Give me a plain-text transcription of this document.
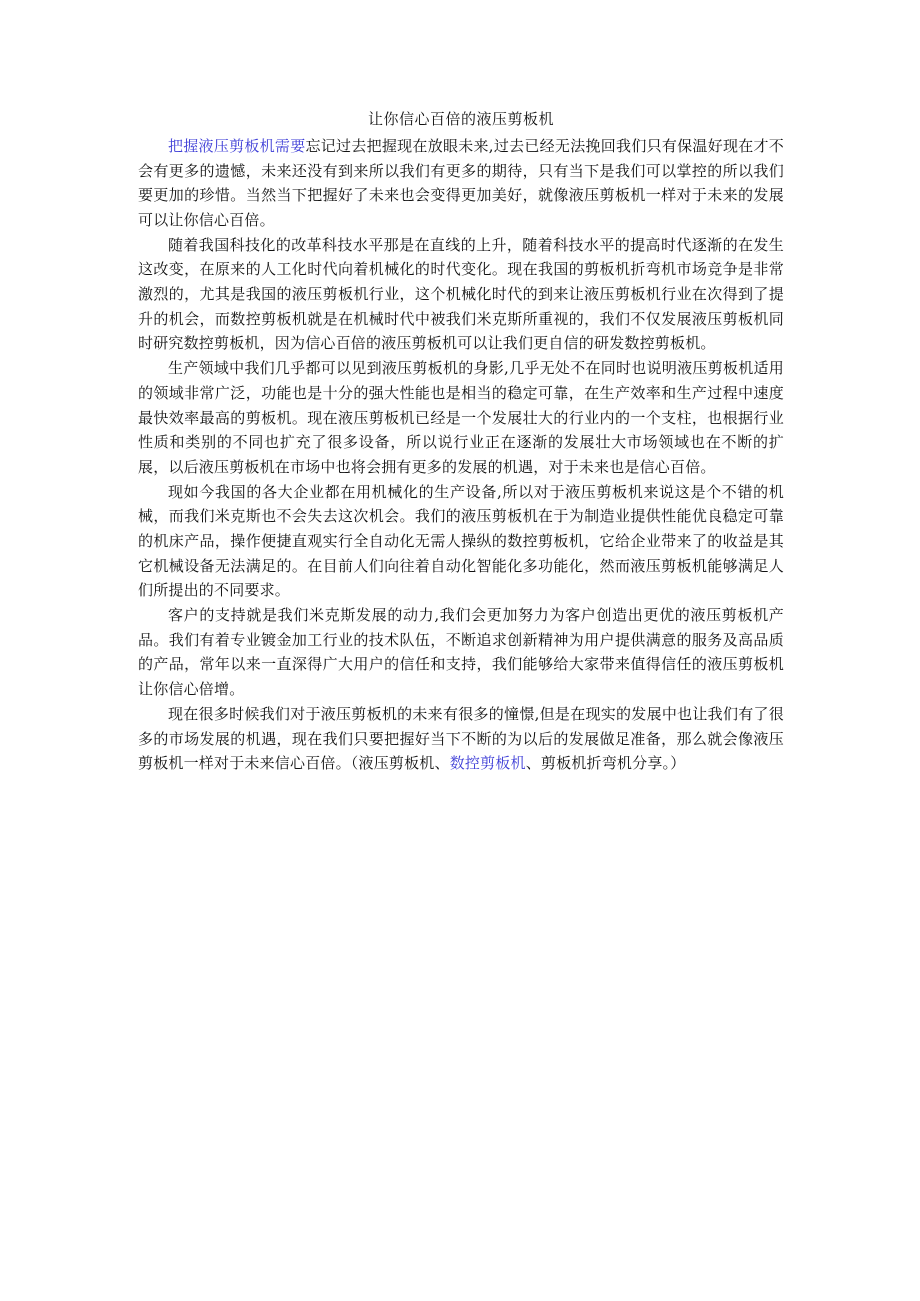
让你信心百倍的液压剪板机

把握液压剪板机需要忘记过去把握现在放眼未来,过去已经无法挽回我们只有保温好现在才不会有更多的遗憾，未来还没有到来所以我们有更多的期待，只有当下是我们可以掌控的所以我们要更加的珍惜。当然当下把握好了未来也会变得更加美好，就像液压剪板机一样对于未来的发展可以让你信心百倍。

随着我国科技化的改革科技水平那是在直线的上升，随着科技水平的提高时代逐渐的在发生这改变，在原来的人工化时代向着机械化的时代变化。现在我国的剪板机折弯机市场竞争是非常激烈的，尤其是我国的液压剪板机行业，这个机械化时代的到来让液压剪板机行业在次得到了提升的机会，而数控剪板机就是在机械时代中被我们米克斯所重视的，我们不仅发展液压剪板机同时研究数控剪板机，因为信心百倍的液压剪板机可以让我们更自信的研发数控剪板机。

生产领域中我们几乎都可以见到液压剪板机的身影,几乎无处不在同时也说明液压剪板机适用的领域非常广泛，功能也是十分的强大性能也是相当的稳定可靠，在生产效率和生产过程中速度最快效率最高的剪板机。现在液压剪板机已经是一个发展壮大的行业内的一个支柱，也根据行业性质和类别的不同也扩充了很多设备，所以说行业正在逐渐的发展壮大市场领域也在不断的扩展，以后液压剪板机在市场中也将会拥有更多的发展的机遇，对于未来也是信心百倍。

现如今我国的各大企业都在用机械化的生产设备,所以对于液压剪板机来说这是个不错的机械，而我们米克斯也不会失去这次机会。我们的液压剪板机在于为制造业提供性能优良稳定可靠的机床产品，操作便捷直观实行全自动化无需人操纵的数控剪板机，它给企业带来了的收益是其它机械设备无法满足的。在目前人们向往着自动化智能化多功能化，然而液压剪板机能够满足人们所提出的不同要求。

客户的支持就是我们米克斯发展的动力,我们会更加努力为客户创造出更优的液压剪板机产品。我们有着专业镀金加工行业的技术队伍，不断追求创新精神为用户提供满意的服务及高品质的产品，常年以来一直深得广大用户的信任和支持，我们能够给大家带来值得信任的液压剪板机让你信心倍增。

现在很多时候我们对于液压剪板机的未来有很多的憧憬,但是在现实的发展中也让我们有了很多的市场发展的机遇，现在我们只要把握好当下不断的为以后的发展做足准备，那么就会像液压剪板机一样对于未来信心百倍。（液压剪板机、数控剪板机、剪板机折弯机分享。）
